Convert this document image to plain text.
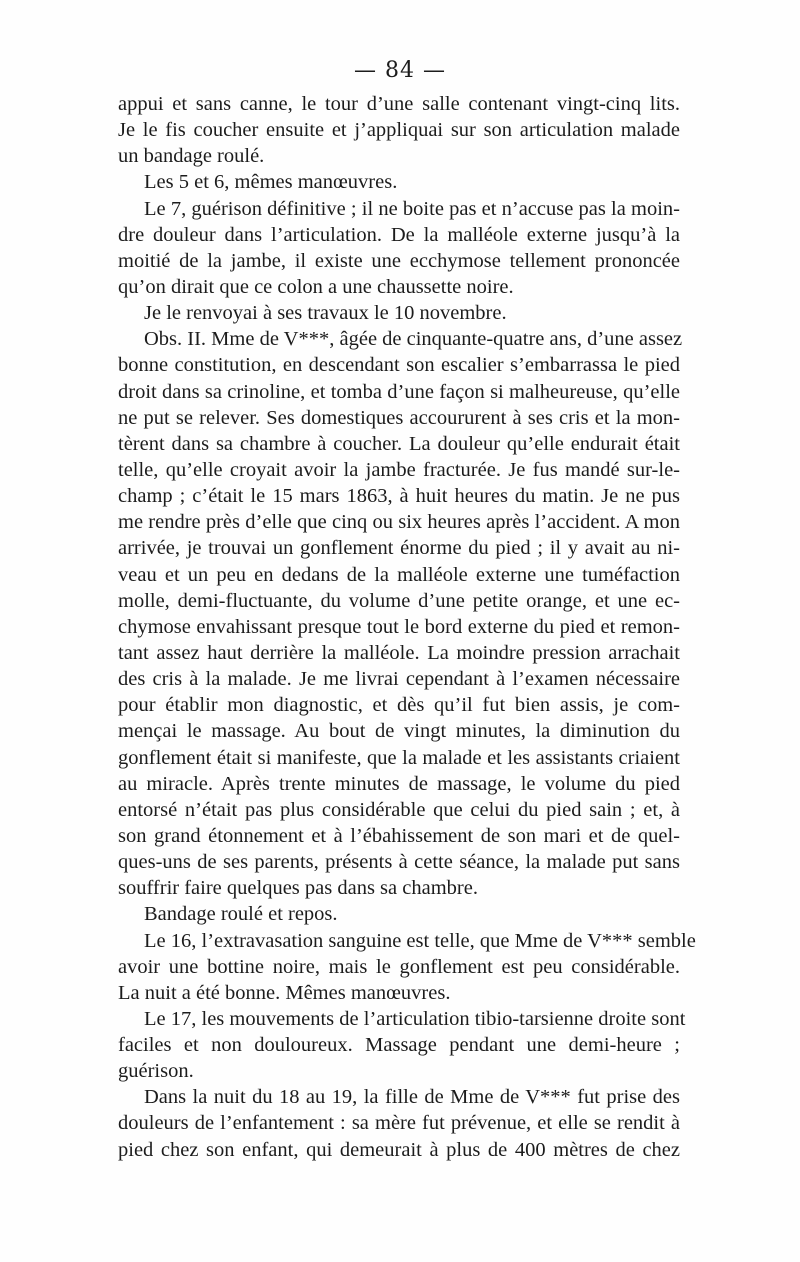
— 84 —
appui et sans canne, le tour d’une salle contenant vingt-cinq lits.
Je le fis coucher ensuite et j’appliquai sur son articulation malade
un bandage roulé.
Les 5 et 6, mêmes manœuvres.
Le 7, guérison définitive ; il ne boite pas et n’accuse pas la moin-
dre douleur dans l’articulation. De la malléole externe jusqu’à la
moitié de la jambe, il existe une ecchymose tellement prononcée
qu’on dirait que ce colon a une chaussette noire.
Je le renvoyai à ses travaux le 10 novembre.
Obs. II. Mme de V***, âgée de cinquante-quatre ans, d’une assez
bonne constitution, en descendant son escalier s’embarrassa le pied
droit dans sa crinoline, et tomba d’une façon si malheureuse, qu’elle
ne put se relever. Ses domestiques accoururent à ses cris et la mon-
tèrent dans sa chambre à coucher. La douleur qu’elle endurait était
telle, qu’elle croyait avoir la jambe fracturée. Je fus mandé sur-le-
champ ; c’était le 15 mars 1863, à huit heures du matin. Je ne pus
me rendre près d’elle que cinq ou six heures après l’accident. A mon
arrivée, je trouvai un gonflement énorme du pied ; il y avait au ni-
veau et un peu en dedans de la malléole externe une tuméfaction
molle, demi-fluctuante, du volume d’une petite orange, et une ec-
chymose envahissant presque tout le bord externe du pied et remon-
tant assez haut derrière la malléole. La moindre pression arrachait
des cris à la malade. Je me livrai cependant à l’examen nécessaire
pour établir mon diagnostic, et dès qu’il fut bien assis, je com-
mençai le massage. Au bout de vingt minutes, la diminution du
gonflement était si manifeste, que la malade et les assistants criaient
au miracle. Après trente minutes de massage, le volume du pied
entorsé n’était pas plus considérable que celui du pied sain ; et, à
son grand étonnement et à l’ébahissement de son mari et de quel-
ques-uns de ses parents, présents à cette séance, la malade put sans
souffrir faire quelques pas dans sa chambre.
Bandage roulé et repos.
Le 16, l’extravasation sanguine est telle, que Mme de V*** semble
avoir une bottine noire, mais le gonflement est peu considérable.
La nuit a été bonne. Mêmes manœuvres.
Le 17, les mouvements de l’articulation tibio-tarsienne droite sont
faciles et non douloureux. Massage pendant une demi-heure ;
guérison.
Dans la nuit du 18 au 19, la fille de Mme de V*** fut prise des
douleurs de l’enfantement : sa mère fut prévenue, et elle se rendit à
pied chez son enfant, qui demeurait à plus de 400 mètres de chez
